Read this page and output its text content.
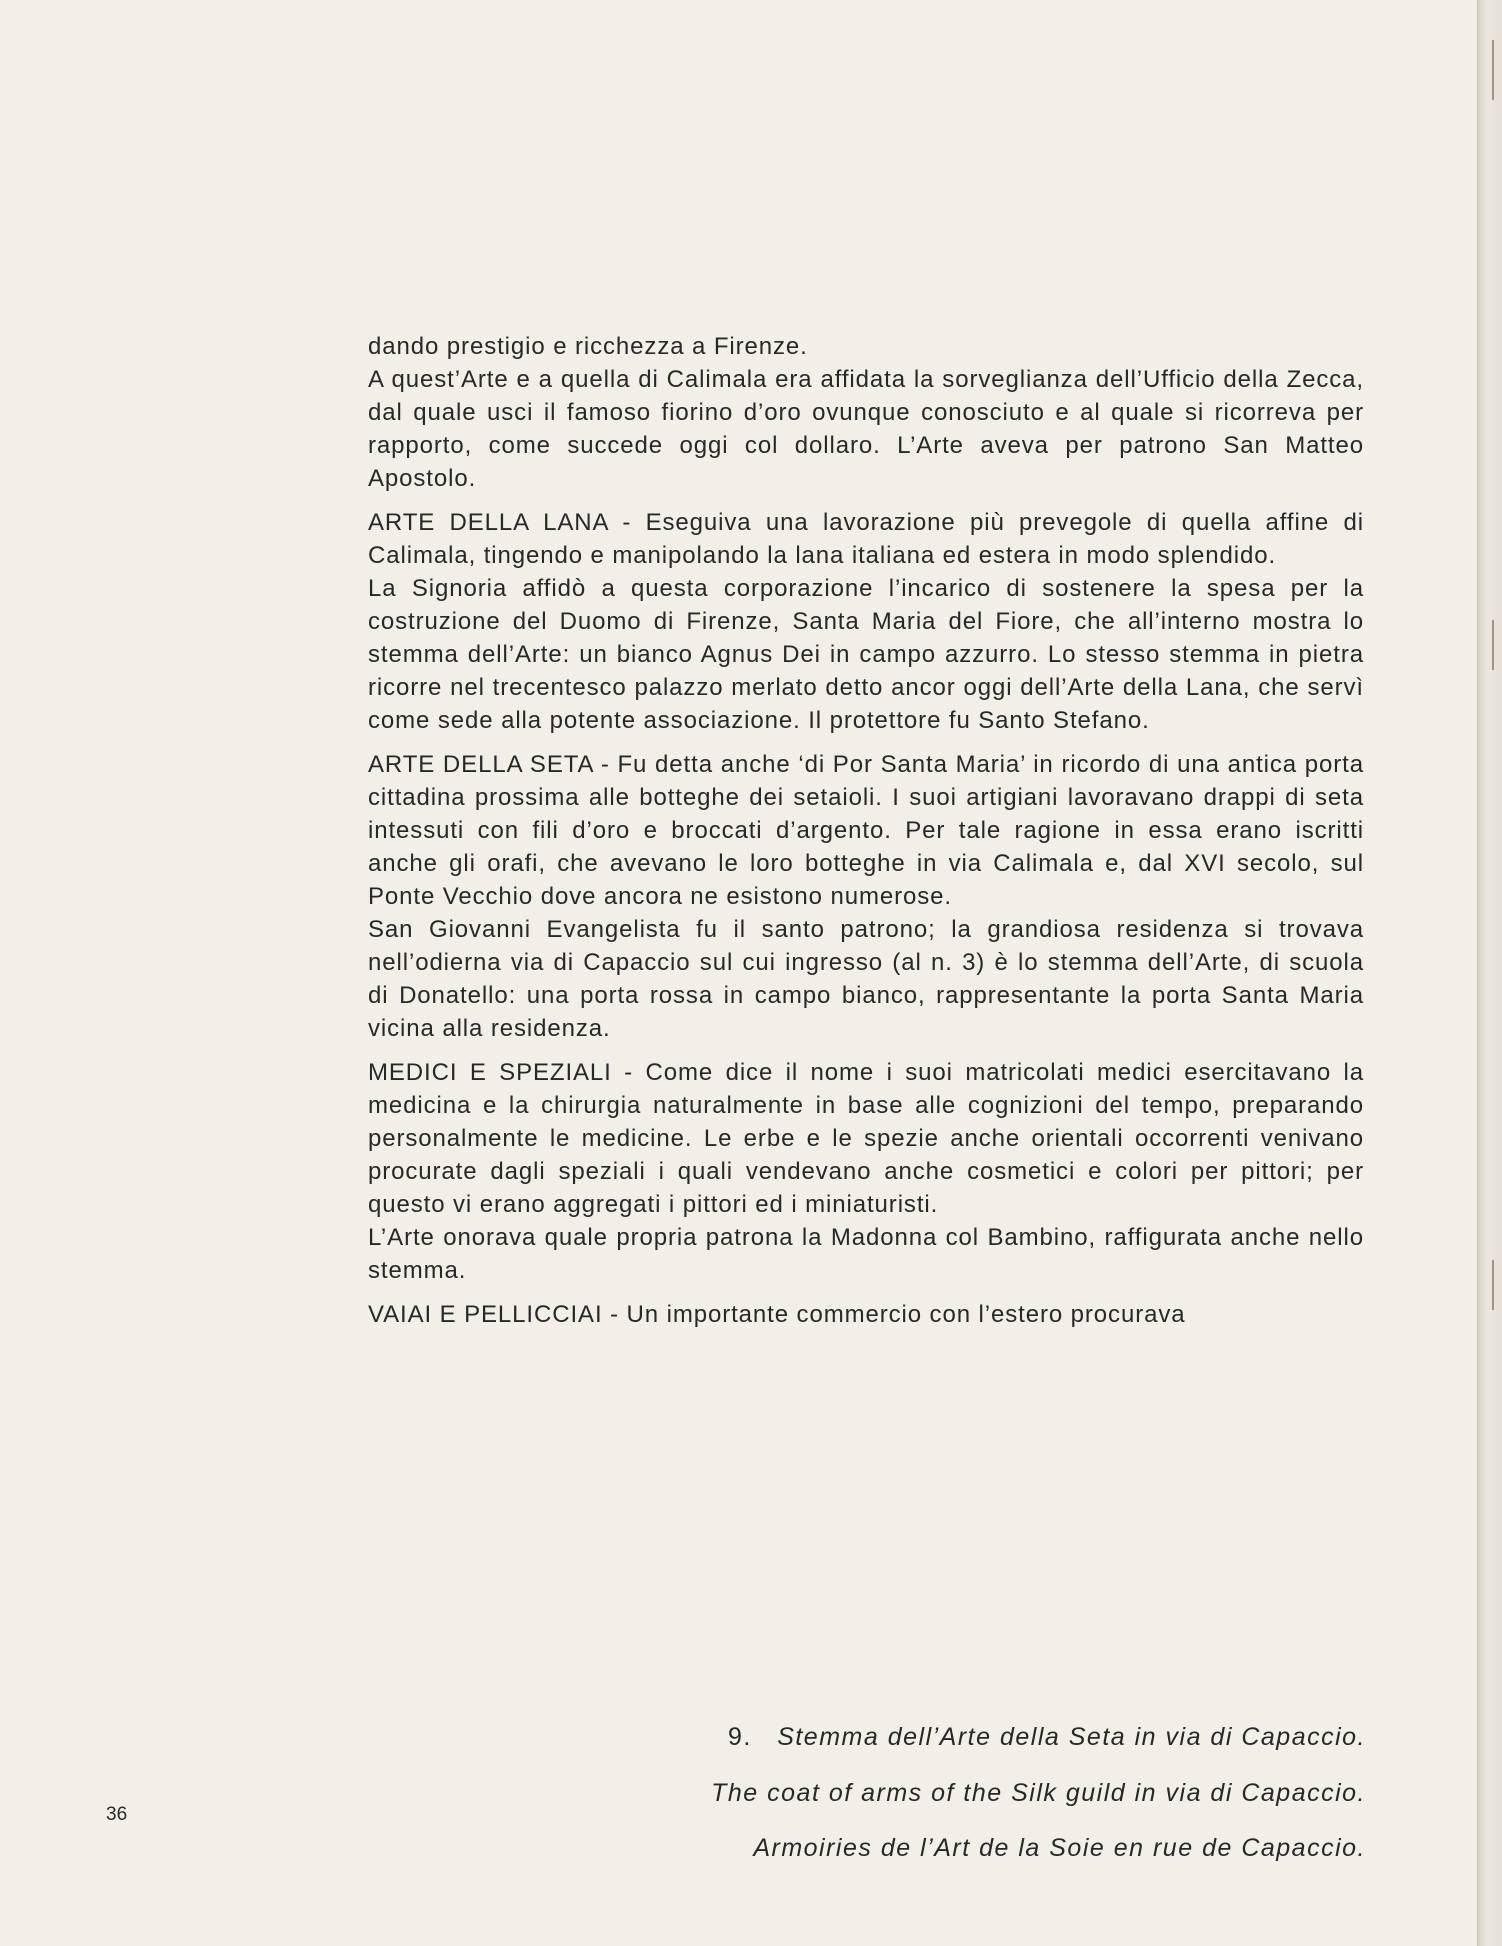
dando prestigio e ricchezza a Firenze.

A quest’Arte e a quella di Calimala era affidata la sorveglianza dell’Ufficio della Zecca, dal quale usci il famoso fiorino d’oro ovunque conosciuto e al quale si ricorreva per rapporto, come succede oggi col dollaro. L’Arte aveva per patrono San Matteo Apostolo.

ARTE DELLA LANA - Eseguiva una lavorazione più prevegole di quella affine di Calimala, tingendo e manipolando la lana italiana ed estera in modo splendido.

La Signoria affidò a questa corporazione l’incarico di sostenere la spesa per la costruzione del Duomo di Firenze, Santa Maria del Fiore, che all’interno mostra lo stemma dell’Arte: un bianco Agnus Dei in campo azzurro. Lo stesso stemma in pietra ricorre nel trecentesco palazzo merlato detto ancor oggi dell’Arte della Lana, che servì come sede alla potente associazione. Il protettore fu Santo Stefano.

ARTE DELLA SETA - Fu detta anche ‘di Por Santa Maria’ in ricordo di una antica porta cittadina prossima alle botteghe dei setaioli. I suoi artigiani lavoravano drappi di seta intessuti con fili d’oro e broccati d’argento. Per tale ragione in essa erano iscritti anche gli orafi, che avevano le loro botteghe in via Calimala e, dal XVI secolo, sul Ponte Vecchio dove ancora ne esistono numerose.

San Giovanni Evangelista fu il santo patrono; la grandiosa residenza si trovava nell’odierna via di Capaccio sul cui ingresso (al n. 3) è lo stemma dell’Arte, di scuola di Donatello: una porta rossa in campo bianco, rappresentante la porta Santa Maria vicina alla residenza.

MEDICI E SPEZIALI - Come dice il nome i suoi matricolati medici esercitavano la medicina e la chirurgia naturalmente in base alle cognizioni del tempo, preparando personalmente le medicine. Le erbe e le spezie anche orientali occorrenti venivano procurate dagli speziali i quali vendevano anche cosmetici e colori per pittori; per questo vi erano aggregati i pittori ed i miniaturisti.

L’Arte onorava quale propria patrona la Madonna col Bambino, raffigurata anche nello stemma.

VAIAI E PELLICCIAI - Un importante commercio con l’estero procurava

9. Stemma dell’Arte della Seta in via di Capaccio.

The coat of arms of the Silk guild in via di Capaccio.

Armoiries de l’Art de la Soie en rue de Capaccio.

36
